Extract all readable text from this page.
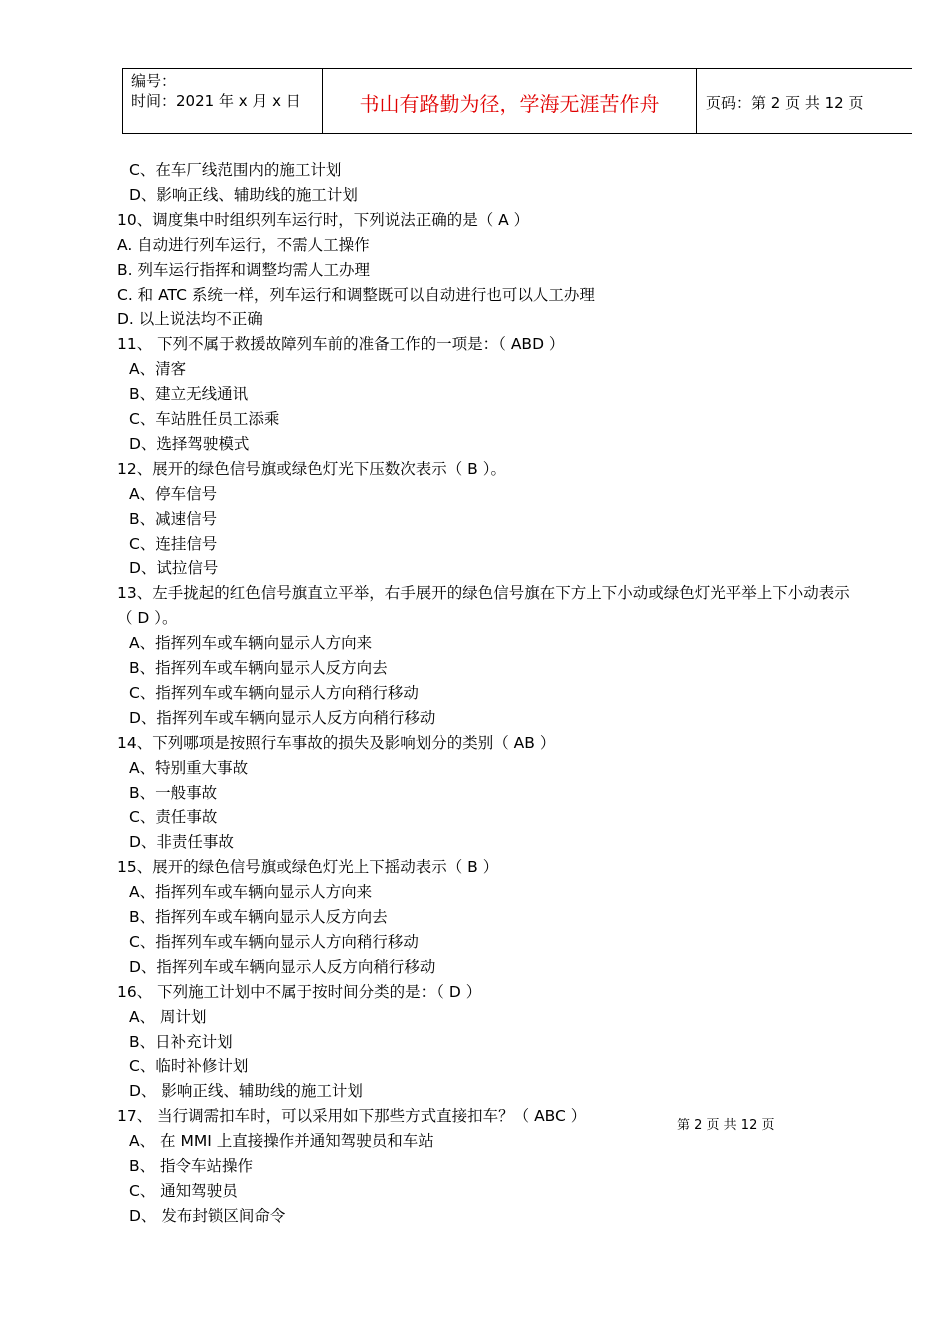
编号：
时间：2021 年 x 月 x 日	书山有路勤为径，学海无涯苦作舟	页码：第 2 页 共 12 页
C、在车厂线范围内的施工计划
D、影响正线、辅助线的施工计划
10、调度集中时组织列车运行时，下列说法正确的是（ A ）
A. 自动进行列车运行，不需人工操作
B. 列车运行指挥和调整均需人工办理
C. 和 ATC 系统一样，列车运行和调整既可以自动进行也可以人工办理
D. 以上说法均不正确
11、 下列不属于救援故障列车前的准备工作的一项是：（ ABD ）
A、清客
B、建立无线通讯
C、车站胜任员工添乘
D、选择驾驶模式
12、展开的绿色信号旗或绿色灯光下压数次表示（ B ）。
A、停车信号
B、减速信号
C、连挂信号
D、试拉信号
13、左手拢起的红色信号旗直立平举，右手展开的绿色信号旗在下方上下小动或绿色灯光平举上下小动表示
（ D ）。
A、指挥列车或车辆向显示人方向来
B、指挥列车或车辆向显示人反方向去
C、指挥列车或车辆向显示人方向稍行移动
D、指挥列车或车辆向显示人反方向稍行移动
14、下列哪项是按照行车事故的损失及影响划分的类别（ AB ）
A、特别重大事故
B、一般事故
C、责任事故
D、非责任事故
15、展开的绿色信号旗或绿色灯光上下摇动表示（ B ）
A、指挥列车或车辆向显示人方向来
B、指挥列车或车辆向显示人反方向去
C、指挥列车或车辆向显示人方向稍行移动
D、指挥列车或车辆向显示人反方向稍行移动
16、 下列施工计划中不属于按时间分类的是：（ D ）
A、 周计划
B、日补充计划
C、临时补修计划
D、 影响正线、辅助线的施工计划
17、 当行调需扣车时，可以采用如下那些方式直接扣车？（ ABC ）
A、 在 MMI 上直接操作并通知驾驶员和车站
B、 指令车站操作
C、 通知驾驶员
D、 发布封锁区间命令
第 2 页 共 12 页
